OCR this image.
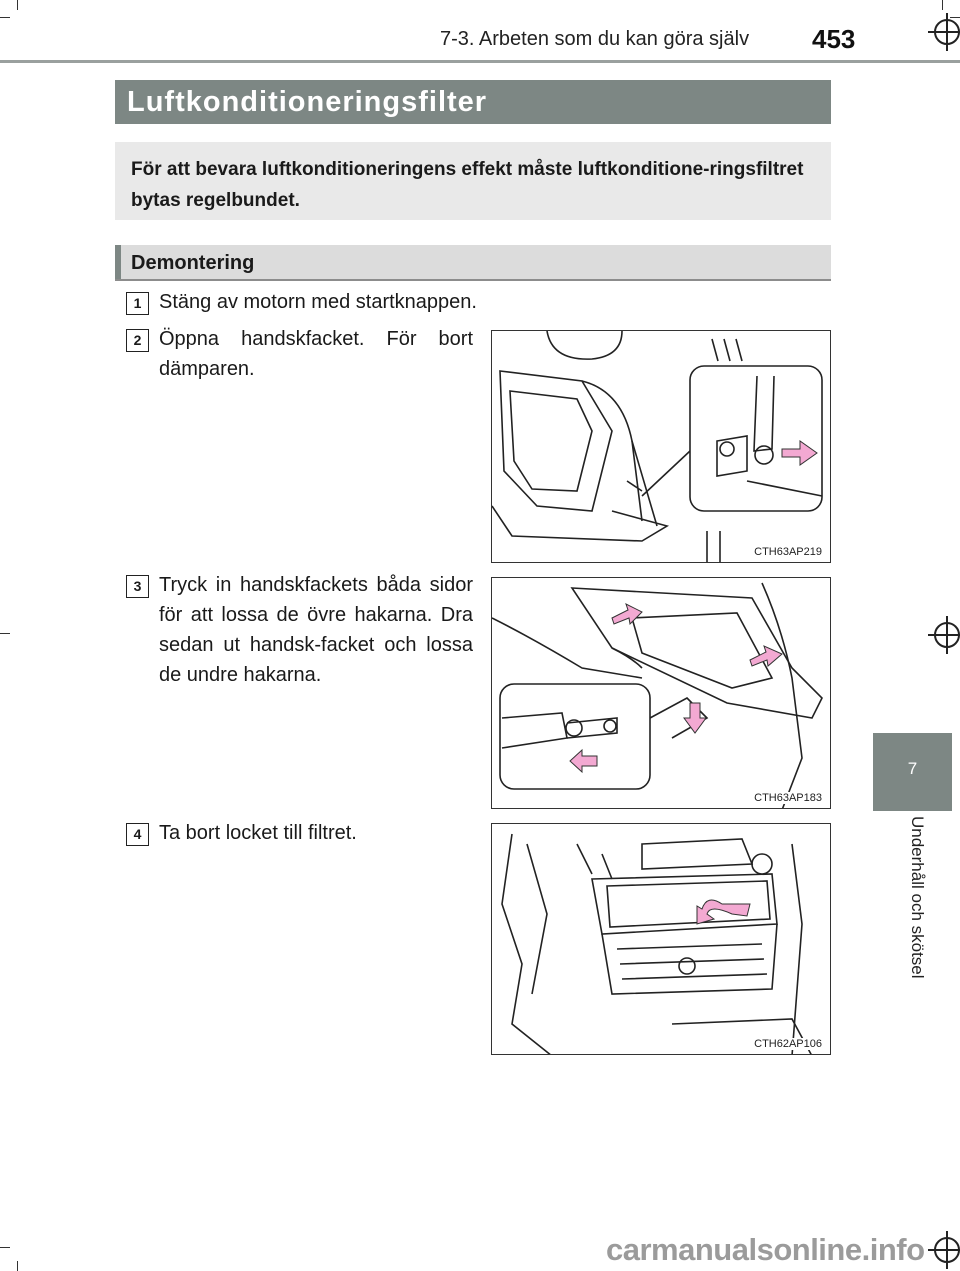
7-3. Arbeten som du kan göra själv 453
Luftkonditioneringsfilter

För att bevara luftkonditioneringens effekt måste luftkonditione-ringsfiltret bytas regelbundet.

Demontering
1 Stäng av motorn med startknappen.
2 Öppna handskfacket. För bort dämparen.
3 Tryck in handskfackets båda sidor för att lossa de övre hakarna. Dra sedan ut handsk-facket och lossa de undre hakarna.
4 Ta bort locket till filtret.
CTH63AP219
CTH63AP183
CTH62AP106
7
Underhåll och skötsel
carmanualsonline.info
